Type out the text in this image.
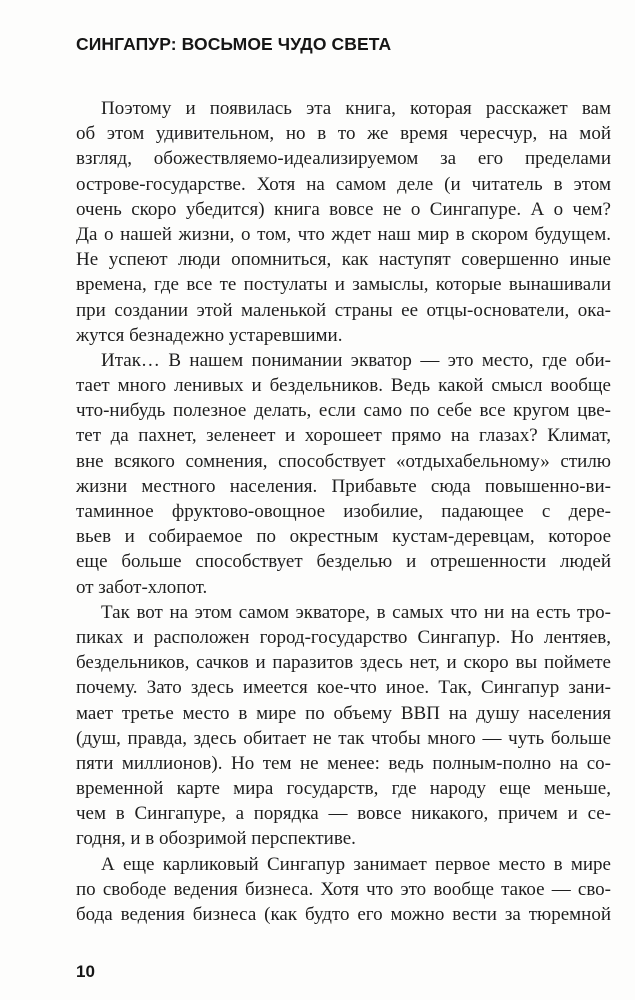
СИНГАПУР: ВОСЬМОЕ ЧУДО СВЕТА
Поэтому и появилась эта книга, которая расскажет вам
об этом удивительном, но в то же время чересчур, на мой
взгляд, обожествляемо-идеализируемом за его пределами
острове-государстве. Хотя на самом деле (и читатель в этом
очень скоро убедится) книга вовсе не о Сингапуре. А о чем?
Да о нашей жизни, о том, что ждет наш мир в скором будущем.
Не успеют люди опомниться, как наступят совершенно иные
времена, где все те постулаты и замыслы, которые вынашивали
при создании этой маленькой страны ее отцы-основатели, ока-
жутся безнадежно устаревшими.
Итак… В нашем понимании экватор — это место, где оби-
тает много ленивых и бездельников. Ведь какой смысл вообще
что-нибудь полезное делать, если само по себе все кругом цве-
тет да пахнет, зеленеет и хорошеет прямо на глазах? Климат,
вне всякого сомнения, способствует «отдыхабельному» стилю
жизни местного населения. Прибавьте сюда повышенно-ви-
таминное фруктово-овощное изобилие, падающее с дере-
вьев и собираемое по окрестным кустам-деревцам, которое
еще больше способствует безделью и отрешенности людей
от забот-хлопот.
Так вот на этом самом экваторе, в самых что ни на есть тро-
пиках и расположен город-государство Сингапур. Но лентяев,
бездельников, сачков и паразитов здесь нет, и скоро вы поймете
почему. Зато здесь имеется кое-что иное. Так, Сингапур зани-
мает третье место в мире по объему ВВП на душу населения
(душ, правда, здесь обитает не так чтобы много — чуть больше
пяти миллионов). Но тем не менее: ведь полным-полно на со-
временной карте мира государств, где народу еще меньше,
чем в Сингапуре, а порядка — вовсе никакого, причем и се-
годня, и в обозримой перспективе.
А еще карликовый Сингапур занимает первое место в мире
по свободе ведения бизнеса. Хотя что это вообще такое — сво-
бода ведения бизнеса (как будто его можно вести за тюремной
10
